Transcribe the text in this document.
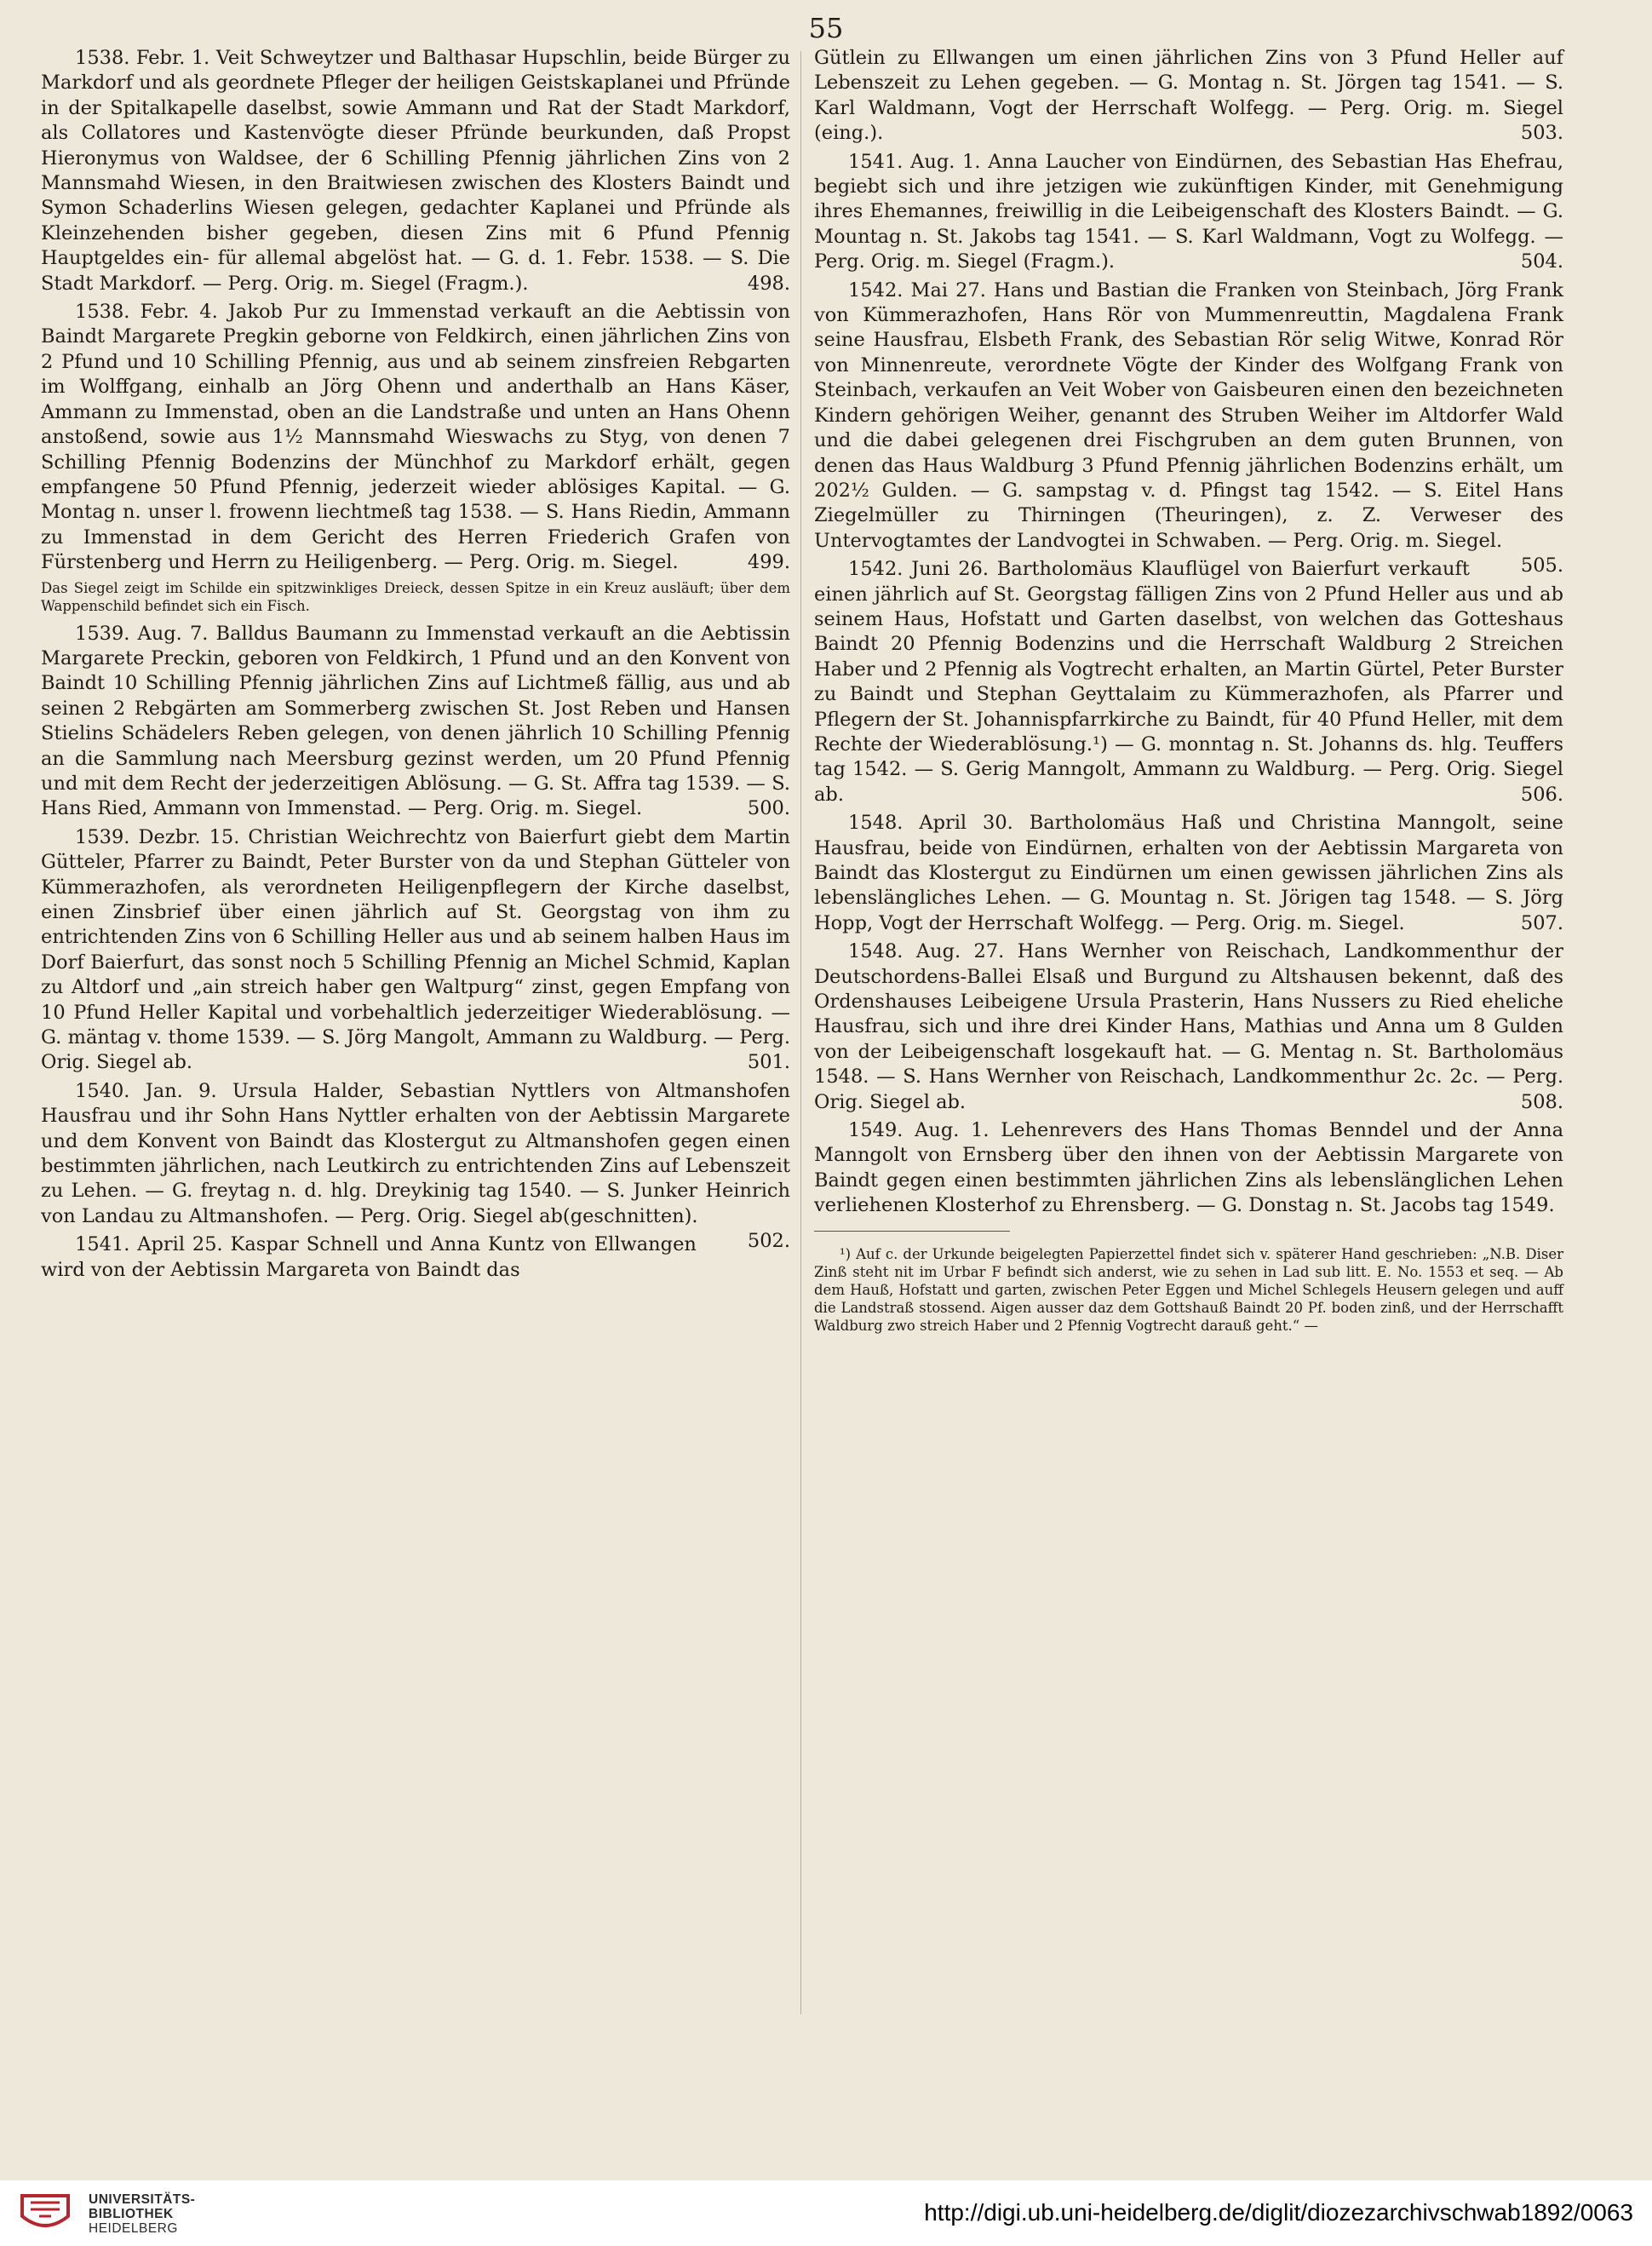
55

1538. Febr. 1. Veit Schweytzer und Balthasar Hupschlin, beide Bürger zu Markdorf und als geordnete Pfleger der heiligen Geistskaplanei und Pfründe in der Spitalkapelle daselbst, sowie Ammann und Rat der Stadt Markdorf, als Collatores und Kastenvögte dieser Pfründe beurkunden, daß Propst Hieronymus von Waldsee, der 6 Schilling Pfennig jährlichen Zins von 2 Mannsmahd Wiesen, in den Braitwiesen zwischen des Klosters Baindt und Symon Schaderlins Wiesen gelegen, gedachter Kaplanei und Pfründe als Kleinzehenden bisher gegeben, diesen Zins mit 6 Pfund Pfennig Hauptgeldes ein- für allemal abgelöst hat. — G. d. 1. Febr. 1538. — S. Die Stadt Markdorf. — Perg. Orig. m. Siegel (Fragm.).	498.

1538. Febr. 4. Jakob Pur zu Immenstad verkauft an die Aebtissin von Baindt Margarete Pregkin geborne von Feldkirch, einen jährlichen Zins von 2 Pfund und 10 Schilling Pfennig, aus und ab seinem zinsfreien Rebgarten im Wolffgang, einhalb an Jörg Ohenn und anderthalb an Hans Käser, Ammann zu Immenstad, oben an die Landstraße und unten an Hans Ohenn anstoßend, sowie aus 1½ Mannsmahd Wieswachs zu Styg, von denen 7 Schilling Pfennig Bodenzins der Münchhof zu Markdorf erhält, gegen empfangene 50 Pfund Pfennig, jederzeit wieder ablösiges Kapital. — G. Montag n. unser l. frowenn liechtmeß tag 1538. — S. Hans Riedin, Ammann zu Immenstad in dem Gericht des Herren Friederich Grafen von Fürstenberg und Herrn zu Heiligenberg. — Perg. Orig. m. Siegel.	499.

Das Siegel zeigt im Schilde ein spitzwinkliges Dreieck, dessen Spitze in ein Kreuz ausläuft; über dem Wappenschild befindet sich ein Fisch.

1539. Aug. 7. Balldus Baumann zu Immenstad verkauft an die Aebtissin Margarete Preckin, geboren von Feldkirch, 1 Pfund und an den Konvent von Baindt 10 Schilling Pfennig jährlichen Zins auf Lichtmeß fällig, aus und ab seinen 2 Rebgärten am Sommerberg zwischen St. Jost Reben und Hansen Stielins Schädelers Reben gelegen, von denen jährlich 10 Schilling Pfennig an die Sammlung nach Meersburg gezinst werden, um 20 Pfund Pfennig und mit dem Recht der jederzeitigen Ablösung. — G. St. Affra tag 1539. — S. Hans Ried, Ammann von Immenstad. — Perg. Orig. m. Siegel.	500.

1539. Dezbr. 15. Christian Weichrechtz von Baierfurt giebt dem Martin Gütteler, Pfarrer zu Baindt, Peter Burster von da und Stephan Gütteler von Kümmerazhofen, als verordneten Heiligenpflegern der Kirche daselbst, einen Zinsbrief über einen jährlich auf St. Georgstag von ihm zu entrichtenden Zins von 6 Schilling Heller aus und ab seinem halben Haus im Dorf Baierfurt, das sonst noch 5 Schilling Pfennig an Michel Schmid, Kaplan zu Altdorf und „ain streich haber gen Waltpurg“ zinst, gegen Empfang von 10 Pfund Heller Kapital und vorbehaltlich jederzeitiger Wiederablösung. — G. mäntag v. thome 1539. — S. Jörg Mangolt, Ammann zu Waldburg. — Perg. Orig. Siegel ab.	501.

1540. Jan. 9. Ursula Halder, Sebastian Nyttlers von Altmanshofen Hausfrau und ihr Sohn Hans Nyttler erhalten von der Aebtissin Margarete und dem Konvent von Baindt das Klostergut zu Altmanshofen gegen einen bestimmten jährlichen, nach Leutkirch zu entrichtenden Zins auf Lebenszeit zu Lehen. — G. freytag n. d. hlg. Dreykinig tag 1540. — S. Junker Heinrich von Landau zu Altmanshofen. — Perg. Orig. Siegel ab(geschnitten).
502.

1541. April 25. Kaspar Schnell und Anna Kuntz von Ellwangen wird von der Aebtissin Margareta von Baindt das

Gütlein zu Ellwangen um einen jährlichen Zins von 3 Pfund Heller auf Lebenszeit zu Lehen gegeben. — G. Montag n. St. Jörgen tag 1541. — S. Karl Waldmann, Vogt der Herrschaft Wolfegg. — Perg. Orig. m. Siegel (eing.).	503.

1541. Aug. 1. Anna Laucher von Eindürnen, des Sebastian Has Ehefrau, begiebt sich und ihre jetzigen wie zukünftigen Kinder, mit Genehmigung ihres Ehemannes, freiwillig in die Leibeigenschaft des Klosters Baindt. — G. Mountag n. St. Jakobs tag 1541. — S. Karl Waldmann, Vogt zu Wolfegg. — Perg. Orig. m. Siegel (Fragm.).	504.

1542. Mai 27. Hans und Bastian die Franken von Steinbach, Jörg Frank von Kümmerazhofen, Hans Rör von Mummenreuttin, Magdalena Frank seine Hausfrau, Elsbeth Frank, des Sebastian Rör selig Witwe, Konrad Rör von Minnenreute, verordnete Vögte der Kinder des Wolfgang Frank von Steinbach, verkaufen an Veit Wober von Gaisbeuren einen den bezeichneten Kindern gehörigen Weiher, genannt des Struben Weiher im Altdorfer Wald und die dabei gelegenen drei Fischgruben an dem guten Brunnen, von denen das Haus Waldburg 3 Pfund Pfennig jährlichen Bodenzins erhält, um 202½ Gulden. — G. sampstag v. d. Pfingst tag 1542. — S. Eitel Hans Ziegelmüller zu Thirningen (Theuringen), z. Z. Verweser des Untervogtamtes der Landvogtei in Schwaben. — Perg. Orig. m. Siegel.
505.

1542. Juni 26. Bartholomäus Klauflügel von Baierfurt verkauft einen jährlich auf St. Georgstag fälligen Zins von 2 Pfund Heller aus und ab seinem Haus, Hofstatt und Garten daselbst, von welchen das Gotteshaus Baindt 20 Pfennig Bodenzins und die Herrschaft Waldburg 2 Streichen Haber und 2 Pfennig als Vogtrecht erhalten, an Martin Gürtel, Peter Burster zu Baindt und Stephan Geyttalaim zu Kümmerazhofen, als Pfarrer und Pflegern der St. Johannispfarrkirche zu Baindt, für 40 Pfund Heller, mit dem Rechte der Wiederablösung.¹) — G. monntag n. St. Johanns ds. hlg. Teuffers tag 1542. — S. Gerig Manngolt, Ammann zu Waldburg. — Perg. Orig. Siegel ab.	506.

1548. April 30. Bartholomäus Haß und Christina Manngolt, seine Hausfrau, beide von Eindürnen, erhalten von der Aebtissin Margareta von Baindt das Klostergut zu Eindürnen um einen gewissen jährlichen Zins als lebenslängliches Lehen. — G. Mountag n. St. Jörigen tag 1548. — S. Jörg Hopp, Vogt der Herrschaft Wolfegg. — Perg. Orig. m. Siegel.	507.

1548. Aug. 27. Hans Wernher von Reischach, Landkommenthur der Deutschordens-Ballei Elsaß und Burgund zu Altshausen bekennt, daß des Ordenshauses Leibeigene Ursula Prasterin, Hans Nussers zu Ried eheliche Hausfrau, sich und ihre drei Kinder Hans, Mathias und Anna um 8 Gulden von der Leibeigenschaft losgekauft hat. — G. Mentag n. St. Bartholomäus 1548. — S. Hans Wernher von Reischach, Landkommenthur 2c. 2c. — Perg. Orig. Siegel ab.	508.

1549. Aug. 1. Lehenrevers des Hans Thomas Benndel und der Anna Manngolt von Ernsberg über den ihnen von der Aebtissin Margarete von Baindt gegen einen bestimmten jährlichen Zins als lebenslänglichen Lehen verliehenen Klosterhof zu Ehrensberg. — G. Donstag n. St. Jacobs tag 1549.

¹) Auf c. der Urkunde beigelegten Papierzettel findet sich v. späterer Hand geschrieben: „N.B. Diser Zinß steht nit im Urbar F befindt sich anderst, wie zu sehen in Lad sub litt. E. No. 1553 et seq. — Ab dem Hauß, Hofstatt und garten, zwischen Peter Eggen und Michel Schlegels Heusern gelegen und auff die Landstraß stossend. Aigen ausser daz dem Gottshauß Baindt 20 Pf. boden zinß, und der Herrschafft Waldburg zwo streich Haber und 2 Pfennig Vogtrecht darauß geht.“ —

UNIVERSITÄTS-
BIBLIOTHEK
HEIDELBERG
http://digi.ub.uni-heidelberg.de/diglit/diozezarchivschwab1892/0063
